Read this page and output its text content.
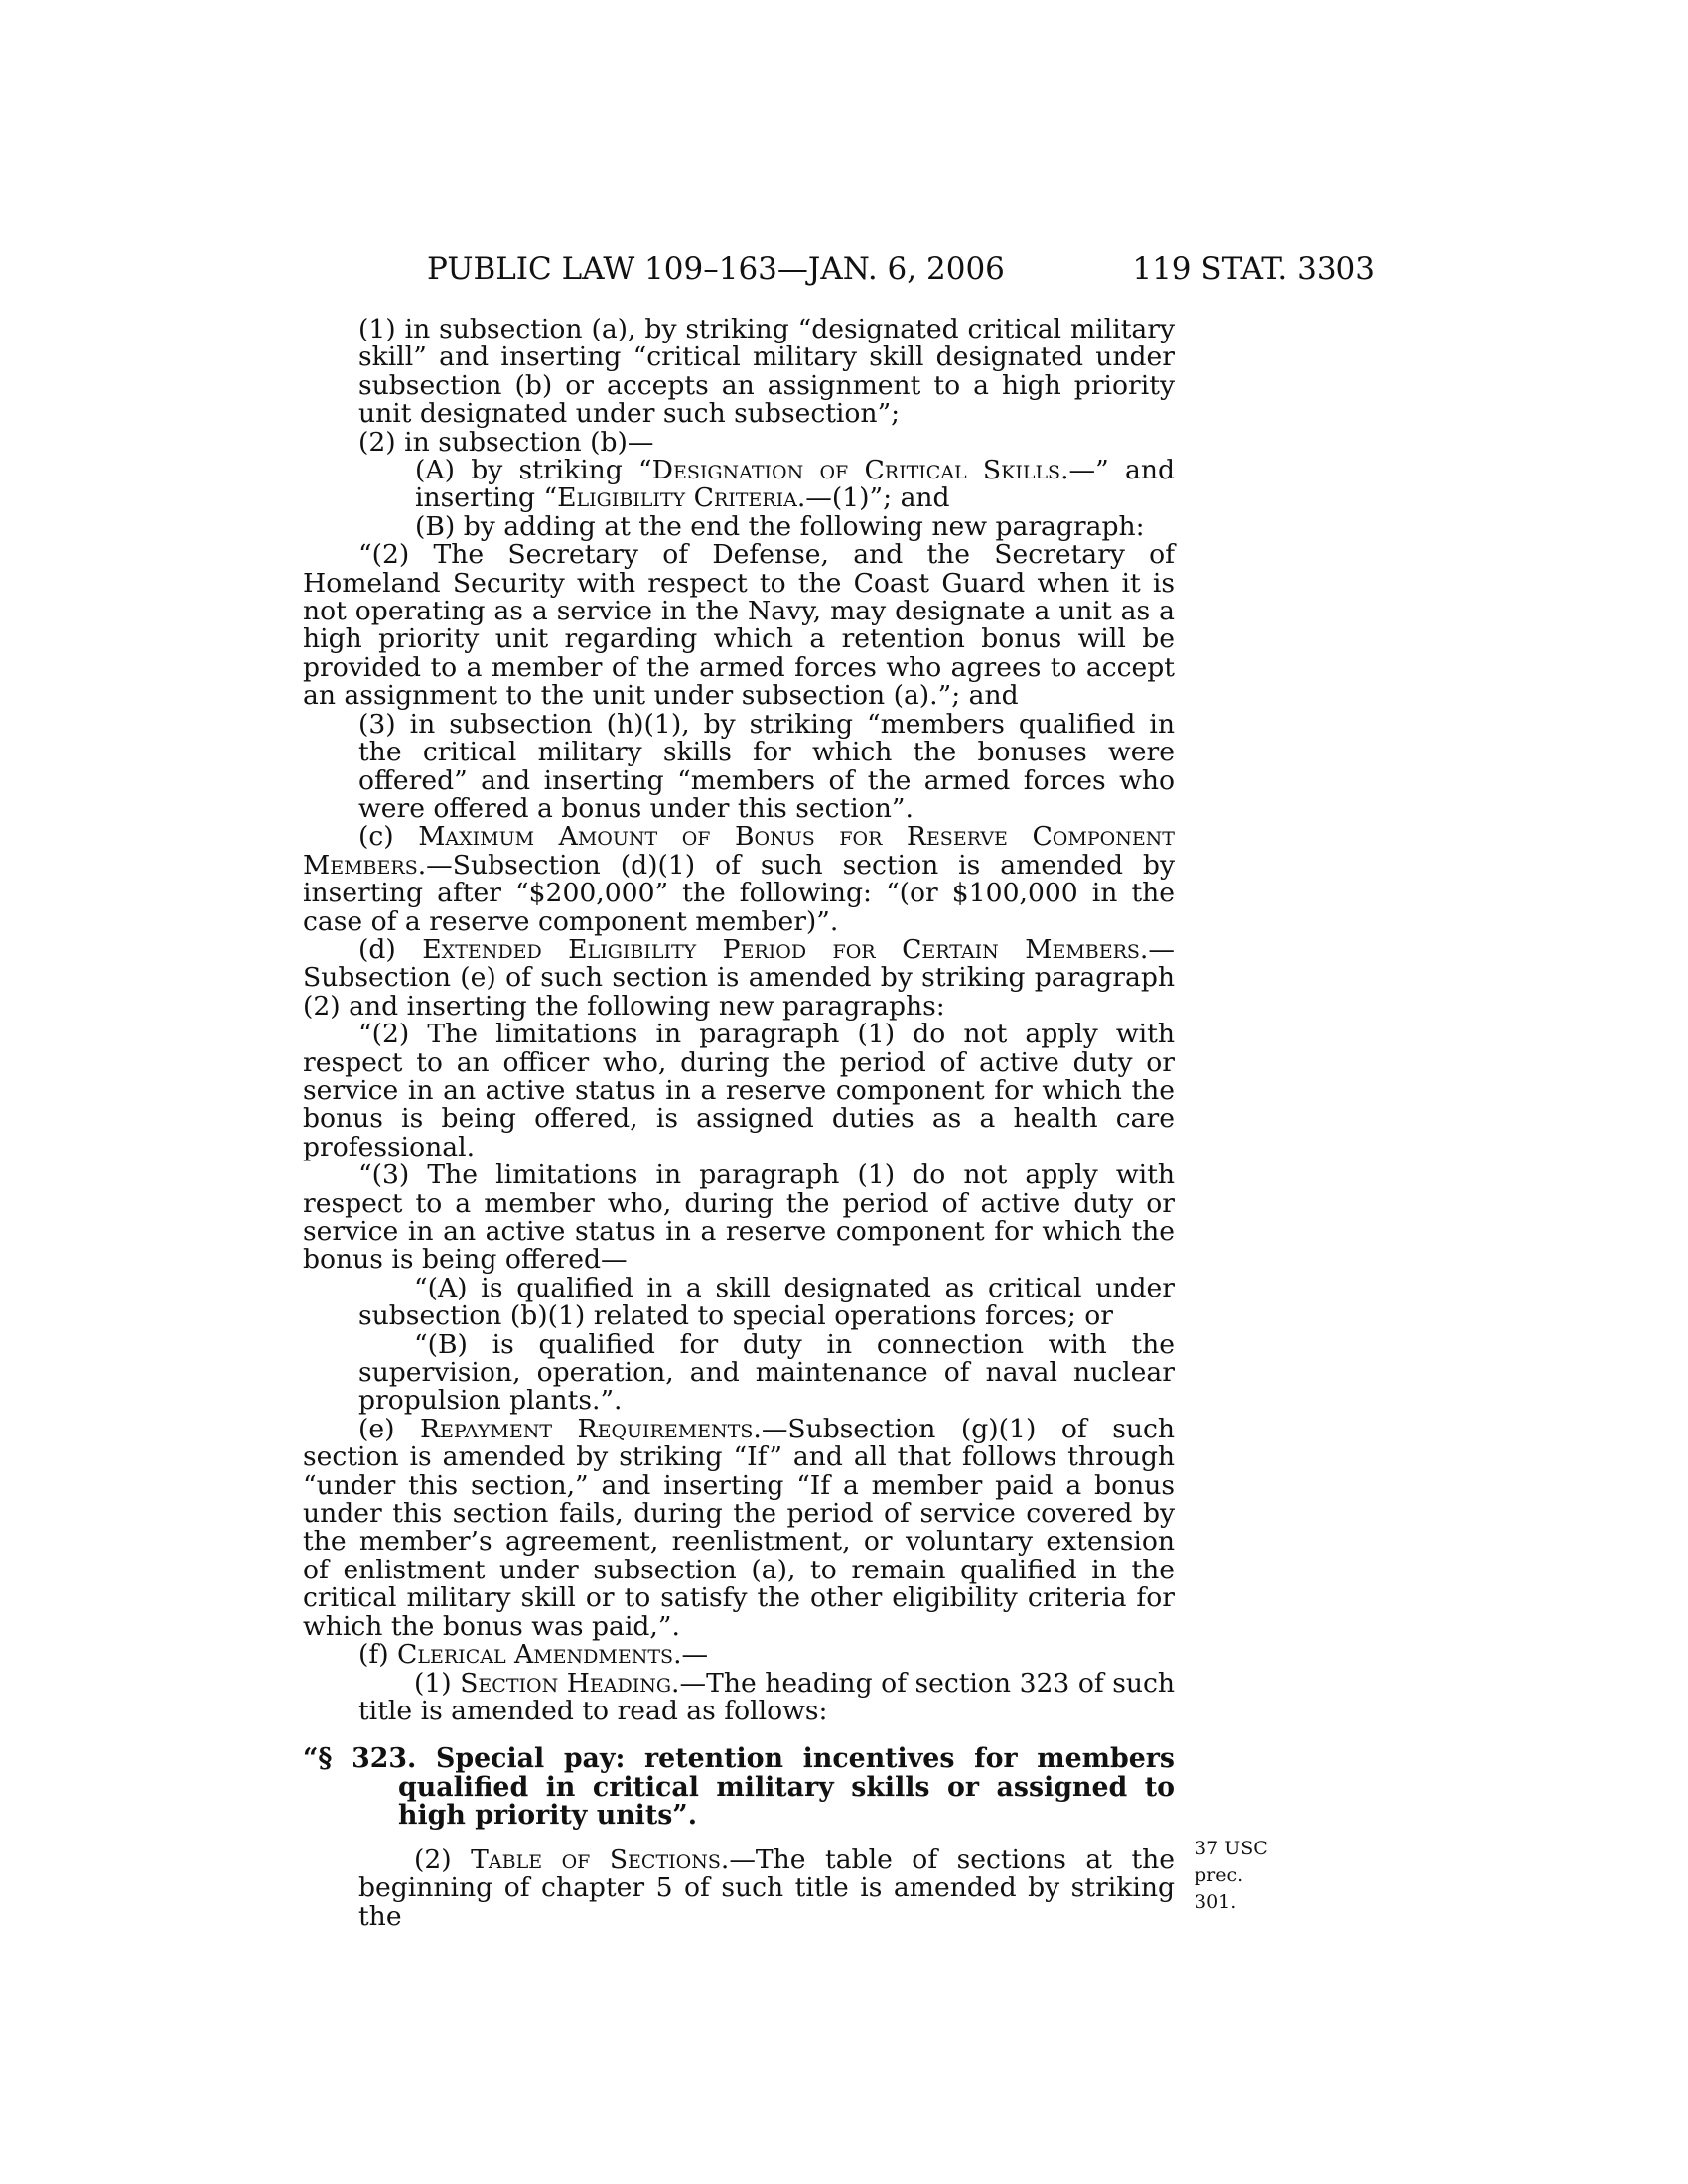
PUBLIC LAW 109–163—JAN. 6, 2006	119 STAT. 3303

(1) in subsection (a), by striking “designated critical military skill” and inserting “critical military skill designated under subsection (b) or accepts an assignment to a high priority unit designated under such subsection”;

(2) in subsection (b)—

(A) by striking “Designation of Critical Skills.—” and inserting “Eligibility Criteria.—(1)”; and

(B) by adding at the end the following new paragraph:

“(2) The Secretary of Defense, and the Secretary of Homeland Security with respect to the Coast Guard when it is not operating as a service in the Navy, may designate a unit as a high priority unit regarding which a retention bonus will be provided to a member of the armed forces who agrees to accept an assignment to the unit under subsection (a).”; and

(3) in subsection (h)(1), by striking “members qualified in the critical military skills for which the bonuses were offered” and inserting “members of the armed forces who were offered a bonus under this section”.

(c) Maximum Amount of Bonus for Reserve Component Members.—Subsection (d)(1) of such section is amended by inserting after “$200,000” the following: “(or $100,000 in the case of a reserve component member)”.

(d) Extended Eligibility Period for Certain Members.— Subsection (e) of such section is amended by striking paragraph (2) and inserting the following new paragraphs:

“(2) The limitations in paragraph (1) do not apply with respect to an officer who, during the period of active duty or service in an active status in a reserve component for which the bonus is being offered, is assigned duties as a health care professional.

“(3) The limitations in paragraph (1) do not apply with respect to a member who, during the period of active duty or service in an active status in a reserve component for which the bonus is being offered—

“(A) is qualified in a skill designated as critical under subsection (b)(1) related to special operations forces; or

“(B) is qualified for duty in connection with the supervision, operation, and maintenance of naval nuclear propulsion plants.”.

(e) Repayment Requirements.—Subsection (g)(1) of such section is amended by striking “If” and all that follows through “under this section,” and inserting “If a member paid a bonus under this section fails, during the period of service covered by the member’s agreement, reenlistment, or voluntary extension of enlistment under subsection (a), to remain qualified in the critical military skill or to satisfy the other eligibility criteria for which the bonus was paid,”.

(f) Clerical Amendments.—

(1) Section Heading.—The heading of section 323 of such title is amended to read as follows:

“§ 323. Special pay: retention incentives for members qualified in critical military skills or assigned to high priority units”.

(2) Table of Sections.—The table of sections at the beginning of chapter 5 of such title is amended by striking the

37 USC prec.
301.
